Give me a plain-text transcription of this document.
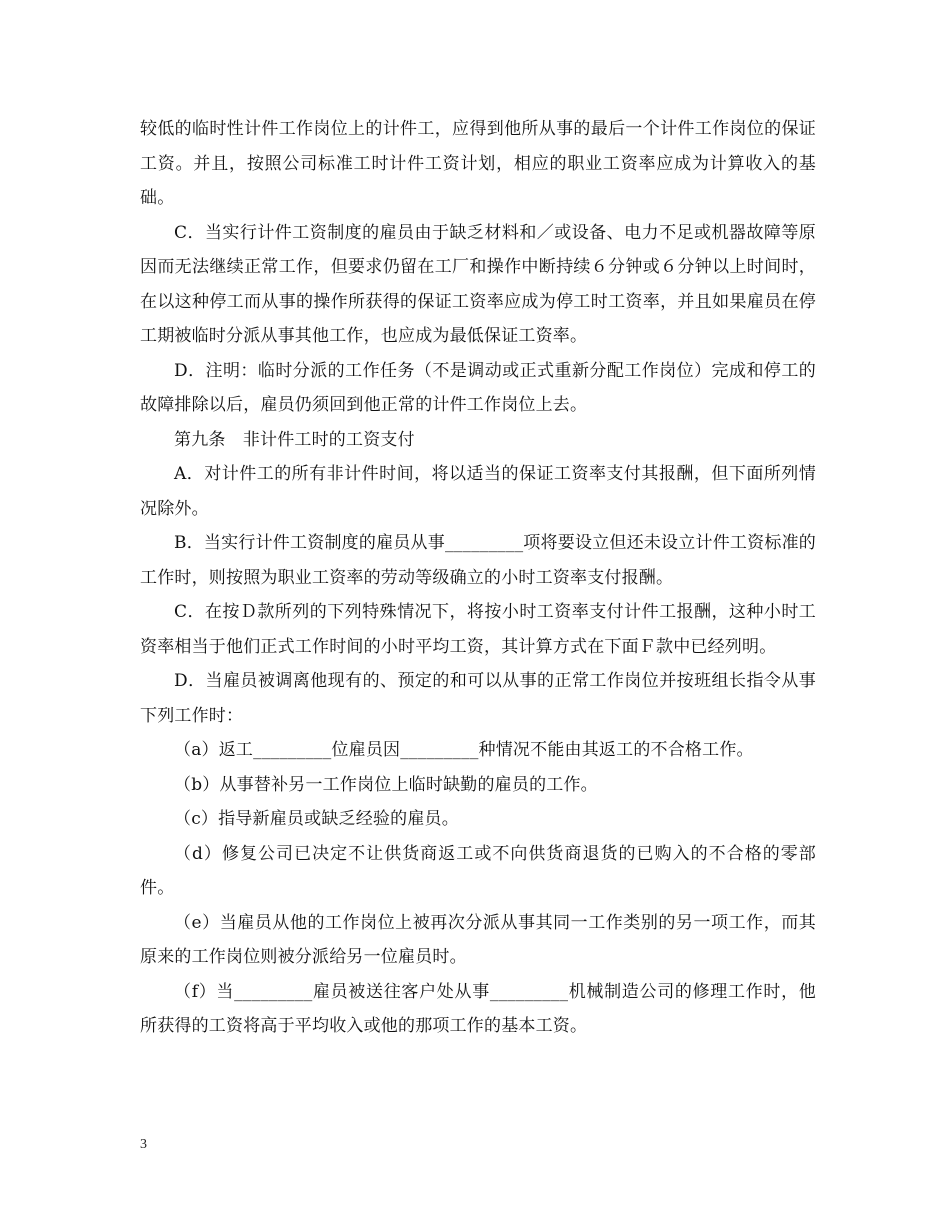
较低的临时性计件工作岗位上的计件工，应得到他所从事的最后一个计件工作岗位的保证工资。并且，按照公司标准工时计件工资计划，相应的职业工资率应成为计算收入的基础。

C．当实行计件工资制度的雇员由于缺乏材料和／或设备、电力不足或机器故障等原因而无法继续正常工作，但要求仍留在工厂和操作中断持续６分钟或６分钟以上时间时，在以这种停工而从事的操作所获得的保证工资率应成为停工时工资率，并且如果雇员在停工期被临时分派从事其他工作，也应成为最低保证工资率。

D．注明：临时分派的工作任务（不是调动或正式重新分配工作岗位）完成和停工的故障排除以后，雇员仍须回到他正常的计件工作岗位上去。

第九条　非计件工时的工资支付

A．对计件工的所有非计件时间，将以适当的保证工资率支付其报酬，但下面所列情况除外。

B．当实行计件工资制度的雇员从事_________项将要设立但还未设立计件工资标准的工作时，则按照为职业工资率的劳动等级确立的小时工资率支付报酬。

C．在按Ｄ款所列的下列特殊情况下，将按小时工资率支付计件工报酬，这种小时工资率相当于他们正式工作时间的小时平均工资，其计算方式在下面Ｆ款中已经列明。

D．当雇员被调离他现有的、预定的和可以从事的正常工作岗位并按班组长指令从事下列工作时：

（a）返工_________位雇员因_________种情况不能由其返工的不合格工作。

（b）从事替补另一工作岗位上临时缺勤的雇员的工作。

（c）指导新雇员或缺乏经验的雇员。

（d）修复公司已决定不让供货商返工或不向供货商退货的已购入的不合格的零部件。

（e）当雇员从他的工作岗位上被再次分派从事其同一工作类别的另一项工作，而其原来的工作岗位则被分派给另一位雇员时。

（f）当_________雇员被送往客户处从事_________机械制造公司的修理工作时，他所获得的工资将高于平均收入或他的那项工作的基本工资。

3
